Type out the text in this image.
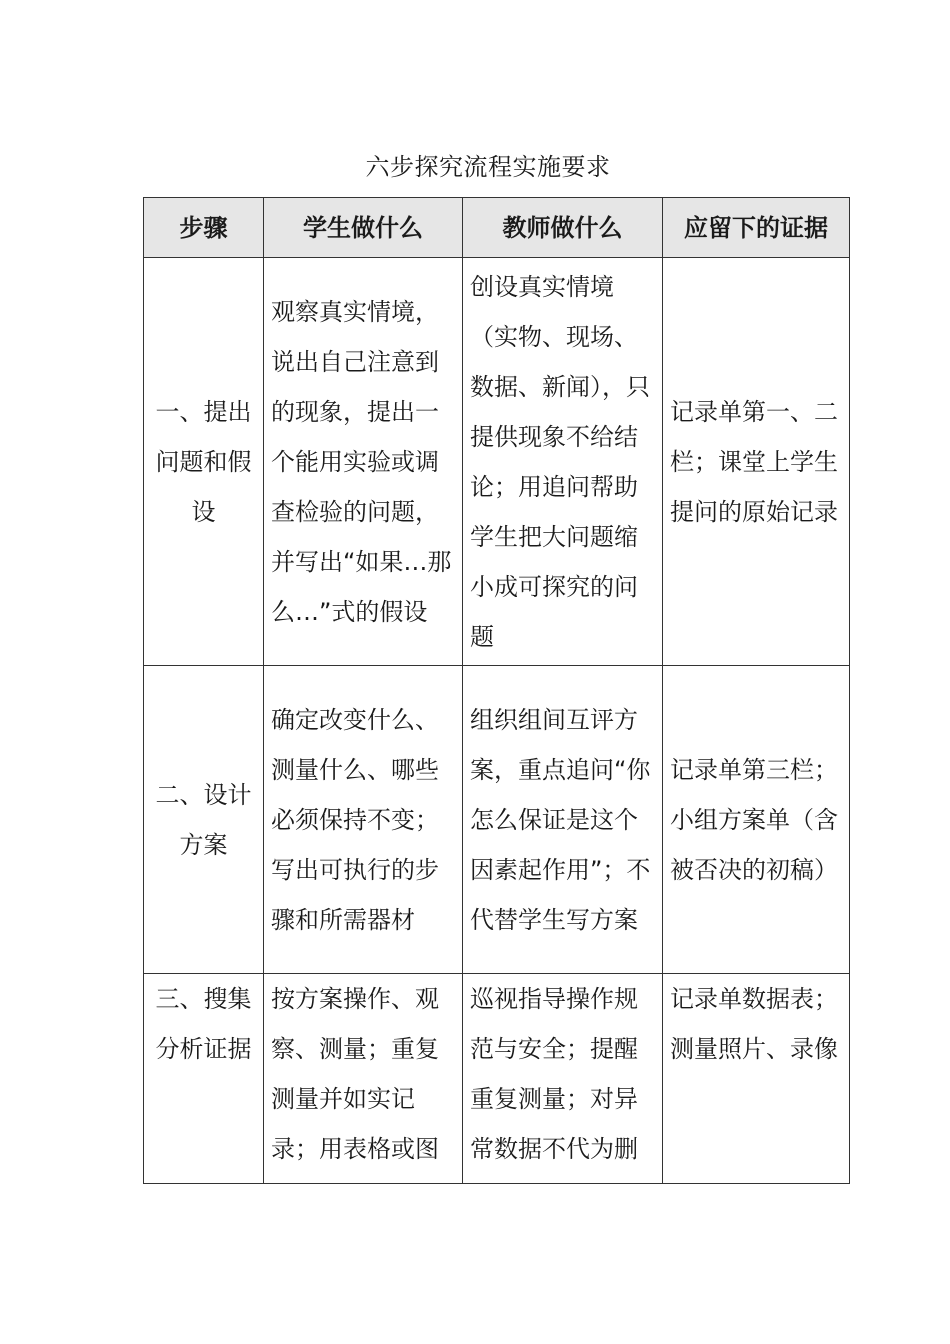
六步探究流程实施要求
步骤	学生做什么	教师做什么	应留下的证据
一、提出问题和假设	观察真实情境，说出自己注意到的现象，提出一个能用实验或调查检验的问题，并写出“如果…那么…”式的假设	创设真实情境（实物、现场、数据、新闻），只提供现象不给结论；用追问帮助学生把大问题缩小成可探究的问题	记录单第一、二栏；课堂上学生提问的原始记录
二、设计方案	确定改变什么、测量什么、哪些必须保持不变；写出可执行的步骤和所需器材	组织组间互评方案，重点追问“你怎么保证是这个因素起作用”；不代替学生写方案	记录单第三栏；小组方案单（含被否决的初稿）

三、搜集分析证据	按方案操作、观察、测量；重复测量并如实记录；用表格或图	巡视指导操作规范与安全；提醒重复测量；对异常数据不代为删	记录单数据表；测量照片、录像
